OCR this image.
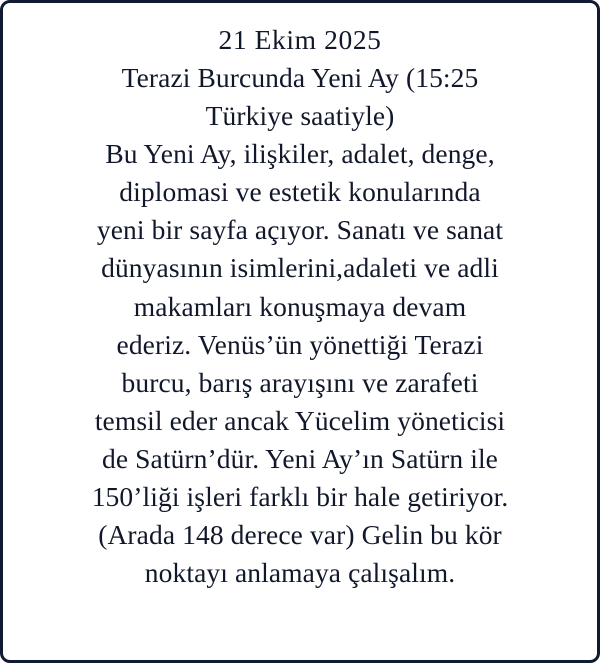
21 Ekim 2025
Terazi Burcunda Yeni Ay (15:25
Türkiye saatiyle)
Bu Yeni Ay, ilişkiler, adalet, denge,
diplomasi ve estetik konularında
yeni bir sayfa açıyor. Sanatı ve sanat
dünyasının isimlerini,adaleti ve adli
makamları konuşmaya devam
ederiz. Venüs’ün yönettiği Terazi
burcu, barış arayışını ve zarafeti
temsil eder ancak Yücelim yöneticisi
de Satürn’dür. Yeni Ay’ın Satürn ile
150’liği işleri farklı bir hale getiriyor.
(Arada 148 derece var) Gelin bu kör
noktayı anlamaya çalışalım.
